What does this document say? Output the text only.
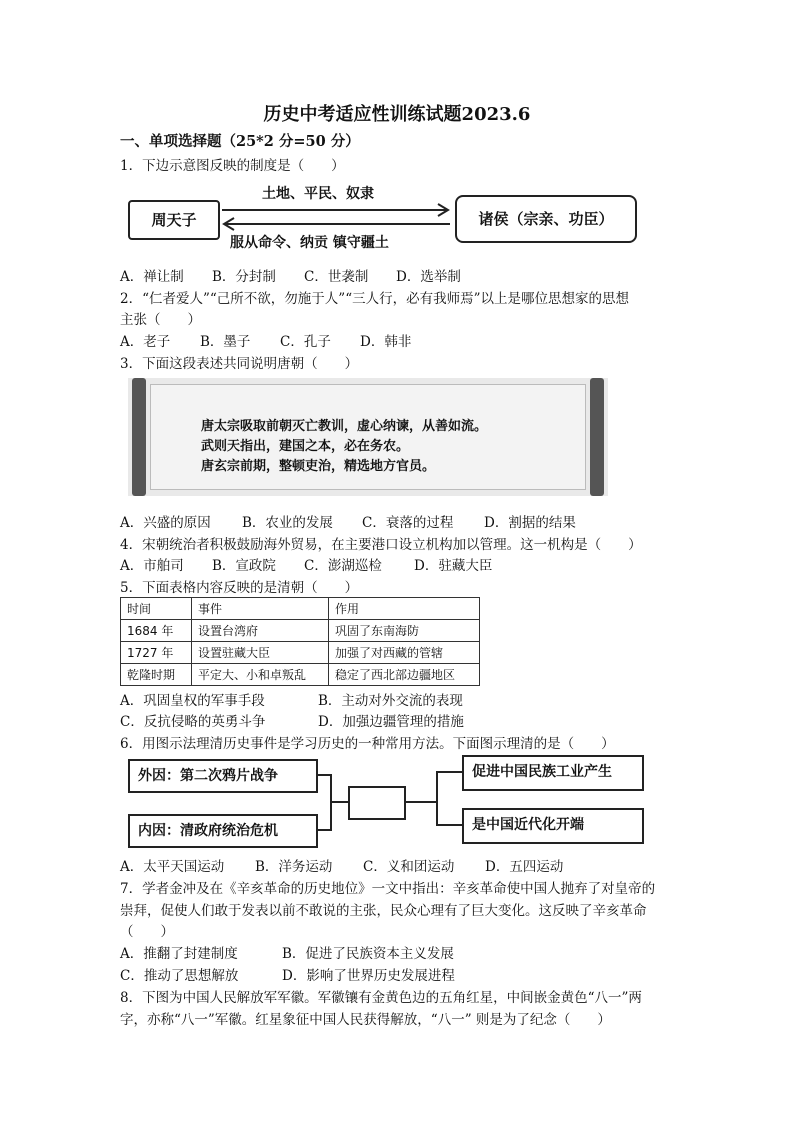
历史中考适应性训练试题2023.6
一、单项选择题（25*2 分=50 分）
1．下边示意图反映的制度是（　　）
周天子	诸侯（宗亲、功臣）
土地、平民、奴隶
服从命令、纳贡 镇守疆土
A．禅让制 B．分封制 C．世袭制 D．选举制
2．“仁者爱人”“己所不欲，勿施于人”“三人行，必有我师焉”以上是哪位思想家的思想
主张（　　）
A．老子 B．墨子 C．孔子 D．韩非
3．下面这段表述共同说明唐朝（　　）
唐太宗吸取前朝灭亡教训，虚心纳谏，从善如流。
武则天指出，建国之本，必在务农。
唐玄宗前期，整顿吏治，精选地方官员。
A．兴盛的原因 B．农业的发展 C．衰落的过程 D．割据的结果
4．宋朝统治者积极鼓励海外贸易，在主要港口设立机构加以管理。这一机构是（　　）
A．市舶司 B．宣政院 C．澎湖巡检 D．驻藏大臣
5．下面表格内容反映的是清朝（　　）
时间	事件	作用
1684 年	设置台湾府	巩固了东南海防
1727 年	设置驻藏大臣	加强了对西藏的管辖
乾隆时期	平定大、小和卓叛乱	稳定了西北部边疆地区
A．巩固皇权的军事手段	B．主动对外交流的表现
C．反抗侵略的英勇斗争	D．加强边疆管理的措施
6．用图示法理清历史事件是学习历史的一种常用方法。下面图示理清的是（　　）
外因：第二次鸦片战争
内因：清政府统治危机
促进中国民族工业产生
是中国近代化开端
A．太平天国运动 B．洋务运动 C．义和团运动 D．五四运动
7．学者金冲及在《辛亥革命的历史地位》一文中指出：辛亥革命使中国人抛弃了对皇帝的
崇拜，促使人们敢于发表以前不敢说的主张，民众心理有了巨大变化。这反映了辛亥革命
（　　）
A．推翻了封建制度	B．促进了民族资本主义发展
C．推动了思想解放	D．影响了世界历史发展进程
8．下图为中国人民解放军军徽。军徽镶有金黄色边的五角红星，中间嵌金黄色“八一”两
字，亦称“八一”军徽。红星象征中国人民获得解放，“八一” 则是为了纪念（　　）
